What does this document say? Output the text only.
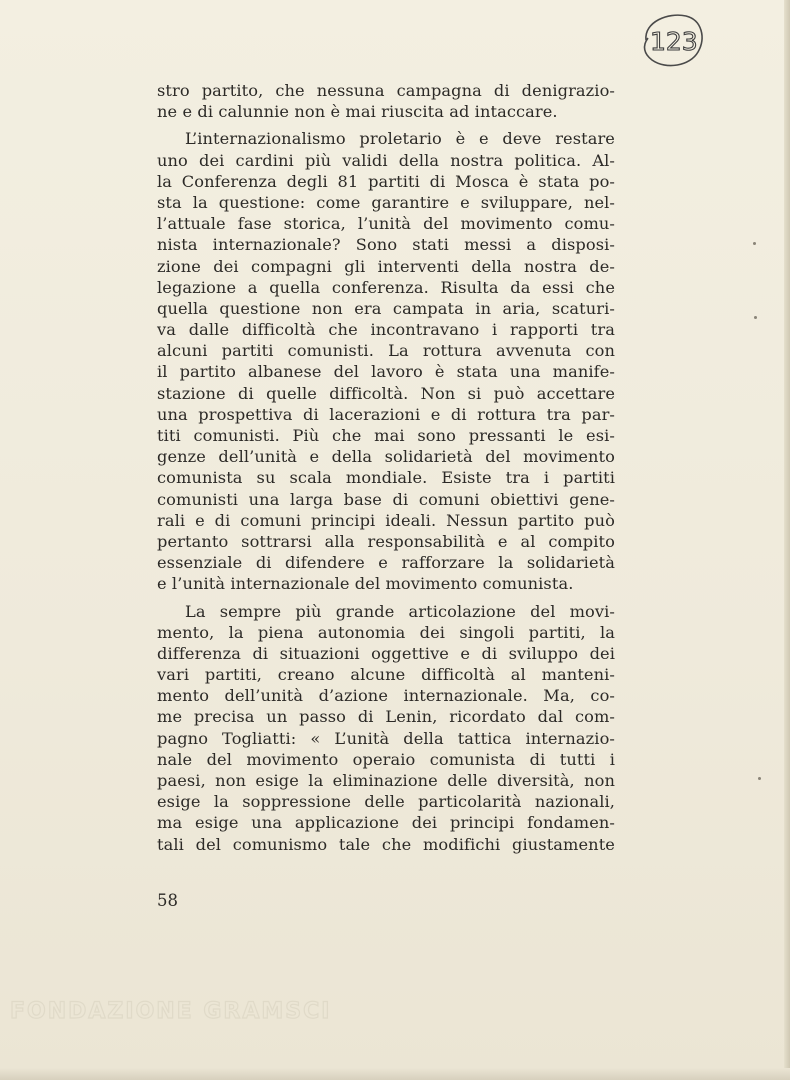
123
stro partito, che nessuna campagna di denigrazio-
ne e di calunnie non è mai riuscita ad intaccare.
L’internazionalismo proletario è e deve restare
uno dei cardini più validi della nostra politica. Al-
la Conferenza degli 81 partiti di Mosca è stata po-
sta la questione: come garantire e sviluppare, nel-
l’attuale fase storica, l’unità del movimento comu-
nista internazionale? Sono stati messi a disposi-
zione dei compagni gli interventi della nostra de-
legazione a quella conferenza. Risulta da essi che
quella questione non era campata in aria, scaturi-
va dalle difficoltà che incontravano i rapporti tra
alcuni partiti comunisti. La rottura avvenuta con
il partito albanese del lavoro è stata una manife-
stazione di quelle difficoltà. Non si può accettare
una prospettiva di lacerazioni e di rottura tra par-
titi comunisti. Più che mai sono pressanti le esi-
genze dell’unità e della solidarietà del movimento
comunista su scala mondiale. Esiste tra i partiti
comunisti una larga base di comuni obiettivi gene-
rali e di comuni principi ideali. Nessun partito può
pertanto sottrarsi alla responsabilità e al compito
essenziale di difendere e rafforzare la solidarietà
e l’unità internazionale del movimento comunista.
La sempre più grande articolazione del movi-
mento, la piena autonomia dei singoli partiti, la
differenza di situazioni oggettive e di sviluppo dei
vari partiti, creano alcune difficoltà al manteni-
mento dell’unità d’azione internazionale. Ma, co-
me precisa un passo di Lenin, ricordato dal com-
pagno Togliatti: « L’unità della tattica internazio-
nale del movimento operaio comunista di tutti i
paesi, non esige la eliminazione delle diversità, non
esige la soppressione delle particolarità nazionali,
ma esige una applicazione dei principi fondamen-
tali del comunismo tale che modifichi giustamente
58
FONDAZIONE GRAMSCI
